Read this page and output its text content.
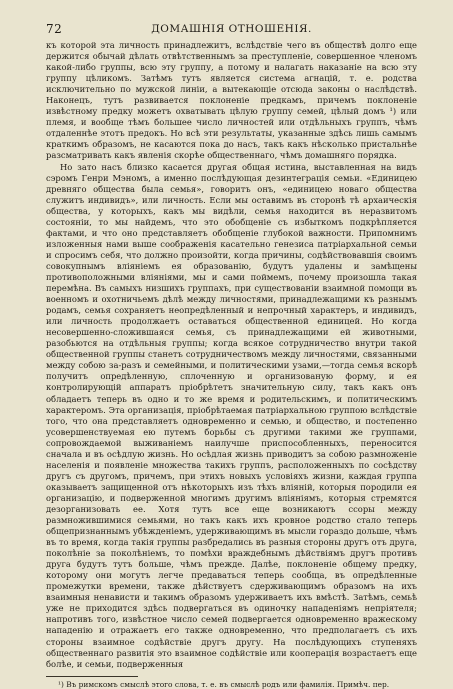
72	ДОМАШНІЯ ОТНОШЕНІЯ.

къ которой эта личность принадлежитъ, вслѣдствіе чего въ обществѣ долго еще держится обычай дѣлать отвѣтственнымъ за преступленіе, совершенное членомъ какой-либо группы, всю эту группу, а потому и налагать наказаніе на всю эту группу цѣликомъ. Затѣмъ тутъ является система агнацій, т. е. родства исключительно по мужской линіи, а вытекающіе отсюда законы о наслѣдствѣ. Наконецъ, тутъ развивается поклоненіе предкамъ, причемъ поклоненіе извѣстному предку можетъ охватывать цѣлую группу семей, цѣлый домъ ¹) или племя, и вообще тѣмъ большее число личностей или отдѣльныхъ группъ, чѣмъ отдаленнѣе этотъ предокъ. Но всѣ эти результаты, указанные здѣсь лишь самымъ краткимъ образомъ, не касаются пока до насъ, такъ какъ нѣсколько пристальнѣе разсматривать какъ явленія скорѣе общественнаго, чѣмъ домашняго порядка.

Но зато насъ близко касается другая общая истина, выставленная на видъ сэромъ Генри Мэномъ, а именно послѣдующая дезинтеграція семьи. «Единицею древняго общества была семья», говоритъ онъ, «единицею новаго общества служитъ индивидъ», или личность. Если мы оставимъ въ сторонѣ тѣ архаическія общества, у которыхъ, какъ мы видѣли, семья находится въ неразвитомъ состояніи, то мы найдемъ, что это обобщеніе съ избыткомъ подкрѣпляется фактами, и что оно представляетъ обобщеніе глубокой важности. Припомнимъ изложенныя нами выше соображенія касательно генезиса патріархальной семьи и спросимъ себя, что должно произойти, когда причины, содѣйствовавшія своимъ совокупнымъ вліяніемъ ея образованію, будутъ удалены и замѣщены противоположными вліяніями, мы и сами поймемъ, почему произошла такая перемѣна. Въ самыхъ низшихъ группахъ, при существованіи взаимной помощи въ военномъ и охотничьемъ дѣлѣ между личностями, принадлежащими къ разнымъ родамъ, семья сохраняетъ неопредѣленный и непрочный характеръ, и индивидъ, или личность продолжаетъ оставаться общественной единицей. Но когда несовершенно-сложившаяся семья, съ принадлежащими ей животными, разобьются на отдѣльныя группы; когда всякое сотрудничество внутри такой общественной группы станетъ сотрудничествомъ между личностями, связанными между собою за-разъ и семейными, и политическими узами,—тогда семья вскорѣ получитъ опредѣленную, сплоченную и организованую форму, и ея контролирующій аппаратъ пріобрѣтетъ значительную силу, такъ какъ онъ обладаетъ теперь въ одно и то же время и родительскимъ, и политическимъ характеромъ. Эта организація, пріобрѣтаемая патріархальною группою вслѣдствіе того, что она представляетъ одновременно и семью, и общество, и постепенно усовершенствуемая ею путемъ борьбы съ другими такими же группами, сопровождаемой выживаніемъ наилучше приспособленныхъ, переносится сначала и въ осѣдлую жизнь. Но осѣдлая жизнь приводитъ за собою размноженіе населенія и появленіе множества такихъ группъ, расположенныхъ по сосѣдству другъ съ другомъ, причемъ, при этихъ новыхъ условіяхъ жизни, каждая группа оказываетъ защищенной отъ нѣкоторыхъ изъ тѣхъ вліяній, которыя породили ея организацію, и подверженной многимъ другимъ вліяніямъ, которыя стремятся дезорганизовать ее. Хотя тутъ все еще возникаютъ ссоры между размножившимися семьями, но такъ какъ ихъ кровное родство стало теперь общепризнаннымъ убѣжденіемъ, удерживающимъ въ мысли гораздо дольше, чѣмъ въ то время, когда такія группы разбредались въ разныя стороны другъ отъ друга, поколѣніе за поколѣніемъ, то помѣхи враждебнымъ дѣйствіямъ другъ противъ друга будутъ тутъ больше, чѣмъ прежде. Далѣе, поклоненіе общему предку, которому они могутъ легче предаваться теперь сообща, въ опредѣленные промежутки времени, также дѣйствуетъ сдерживающимъ образомъ на ихъ взаимныя ненависти и такимъ образомъ удерживаетъ ихъ вмѣстѣ. Затѣмъ, семьѣ уже не приходится здѣсь подвергаться въ одиночку нападеніямъ непріятеля; напротивъ того, извѣстное число семей подвергается одновременно вражескому нападенію и отражаетъ его также одновременно, что предполагаетъ съ ихъ стороны взаимное содѣйствіе другъ другу. На послѣдующихъ ступеняхъ общественнаго развитія это взаимное содѣйствіе или кооперація возрастаетъ еще болѣе, и семьи, подверженныя

¹) Въ римскомъ смыслѣ этого слова, т. е. въ смыслѣ родъ или фамилія. Примѣч. пер.
